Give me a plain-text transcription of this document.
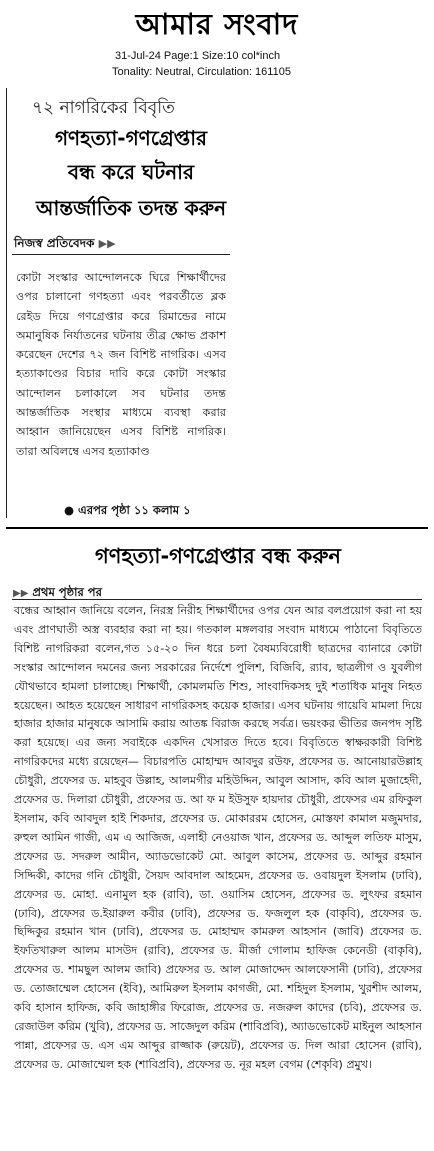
আমার সংবাদ
31-Jul-24 Page:1 Size:10 col*inch
Tonality: Neutral, Circulation: 161105
৭২ নাগরিকের বিবৃতি
গণহত্যা-গণগ্রেপ্তার
বন্ধ করে ঘটনার
আন্তর্জাতিক তদন্ত করুন
নিজস্ব প্রতিবেদক ▶▶

কোটা সংস্কার আন্দোলনকে ঘিরে শিক্ষার্থীদের ওপর চালানো গণহত্যা এবং পরবর্তীতে ব্লক রেইড দিয়ে গণগ্রেপ্তার করে রিমান্ডের নামে অমানুষিক নির্যাতনের ঘটনায় তীব্র ক্ষোভ প্রকাশ করেছেন দেশের ৭২ জন বিশিষ্ট নাগরিক। এসব হত্যাকাণ্ডের বিচার দাবি করে কোটা সংস্কার আন্দোলন চলাকালে সব ঘটনার তদন্ত আন্তর্জাতিক সংস্থার মাধ্যমে ব্যবস্থা করার আহ্বান জানিয়েছেন এসব বিশিষ্ট নাগরিক। তারা অবিলম্বে এসব হত্যাকাণ্ড

● এরপর পৃষ্ঠা ১১ কলাম ১
গণহত্যা-গণগ্রেপ্তার বন্ধ করুন
▶▶ প্রথম পৃষ্ঠার পর

বন্ধের আহ্বান জানিয়ে বলেন, নিরস্ত্র নিরীহ শিক্ষার্থীদের ওপর যেন আর বলপ্রয়োগ করা না হয় এবং প্রাণঘাতী অস্ত্র ব্যবহার করা না হয়। গতকাল মঙ্গলবার সংবাদ মাধ্যমে পাঠানো বিবৃতিতে বিশিষ্ট নাগরিকরা বলেন,গত ১৫-২০ দিন ধরে চলা বৈষম্যবিরোধী ছাত্রদের ব্যানারে কোটা সংস্কার আন্দোলন দমনের জন্য সরকারের নির্দেশে পুলিশ, বিজিবি, র‍্যাব, ছাত্রলীগ ও যুবলীগ যৌথভাবে হামলা চালাচ্ছে। শিক্ষার্থী, কোমলমতি শিশু, সাংবাদিকসহ দুই শতাধিক মানুষ নিহত হয়েছেন। আহত হয়েছেন সাধারণ নাগরিকসহ কয়েক হাজার। এসব ঘটনায় গায়েবি মামলা দিয়ে হাজার হাজার মানুষকে আসামি করায় আতঙ্ক বিরাজ করছে সর্বত্র। ভয়ংকর ভীতির জনপদ সৃষ্টি করা হয়েছে। এর জন্য সবাইকে একদিন খেসারত দিতে হবে। বিবৃতিতে স্বাক্ষরকারী বিশিষ্ট নাগরিকদের মধ্যে রয়েছেন— বিচারপতি মোহাম্মদ আবদুর রউফ, প্রফেসর ড. আনোয়ারউল্লাহ চৌধুরী, প্রফেসর ড. মাহবুব উল্লাহ, আলমগীর মহিউদ্দিন, আবুল আসাদ, কবি আল মুজাহেদী, প্রফেসর ড. দিলারা চৌধুরী, প্রফেসর ড. আ ফ ম ইউসুফ হায়দার চৌধুরী, প্রফেসর এম রফিকুল ইসলাম, কবি আবদুল হাই শিকদার, প্রফেসর ড. মোকাররম হোসেন, মোস্তফা কামাল মজুমদার, রুহুল আমিন গাজী, এম এ আজিজ, এলাহী নেওয়াজ খান, প্রফেসর ড. আব্দুল লতিফ মাসুম, প্রফেসর ড. সদরুল আমীন, অ্যাডভোকেট মো. আবুল কাসেম, প্রফেসর ড. আব্দুর রহমান সিদ্দিকী, কাদের গনি চৌধুরী, সৈয়দ আবদাল আহমেদ, প্রফেসর ড. ওবায়দুল ইসলাম (ঢাবি), প্রফেসর ড. মোহা. এনামুল হক (রাবি), ডা. ওয়াসিম হোসেন, প্রফেসর ড. লুৎফর রহমান (ঢাবি), প্রফেসর ড.ইয়ারুল কবীর (ঢাবি), প্রফেসর ড. ফজলুল হক (বাকৃবি), প্রফেসর ড. ছিদ্দিকুর রহমান খান (ঢাবি), প্রফেসর ড. মোহাম্মদ কামরুল আহসান (জাবি) প্রফেসর ড. ইফতিখারুল আলম মাসউদ (রাবি), প্রফেসর ড. মীর্জা গোলাম হাফিজ কেনেডী (বাকৃবি), প্রফেসর ড. শামছুল আলম জাবি) প্রফেসর ড. আল মোজাদ্দেদ আলফেসানী (ঢাবি), প্রফেসর ড. তোজাম্মেল হোসেন (ইবি), আমিরুল ইসলাম কাগজী, মো. শহিদুল ইসলাম, খুরশীদ আলম, কবি হাসান হাফিজ, কবি জাহাঙ্গীর ফিরোজ, প্রফেসর ড. নজরুল কাদের (চবি), প্রফেসর ড. রেজাউল করিম (খুবি), প্রফেসর ড. সাজেদুল করিম (শাবিপ্রবি), অ্যাডভোকেট মাইনুল আহসান পান্না, প্রফেসর ড. এস এম আব্দুর রাজ্জাক (রুয়েট), প্রফেসর ড. দিল আরা হোসেন (রাবি), প্রফেসর ড. মোজাম্মেল হক (শাবিপ্রবি), প্রফেসর ড. নূর মহল বেগম (শেকৃবি) প্রমুখ।
